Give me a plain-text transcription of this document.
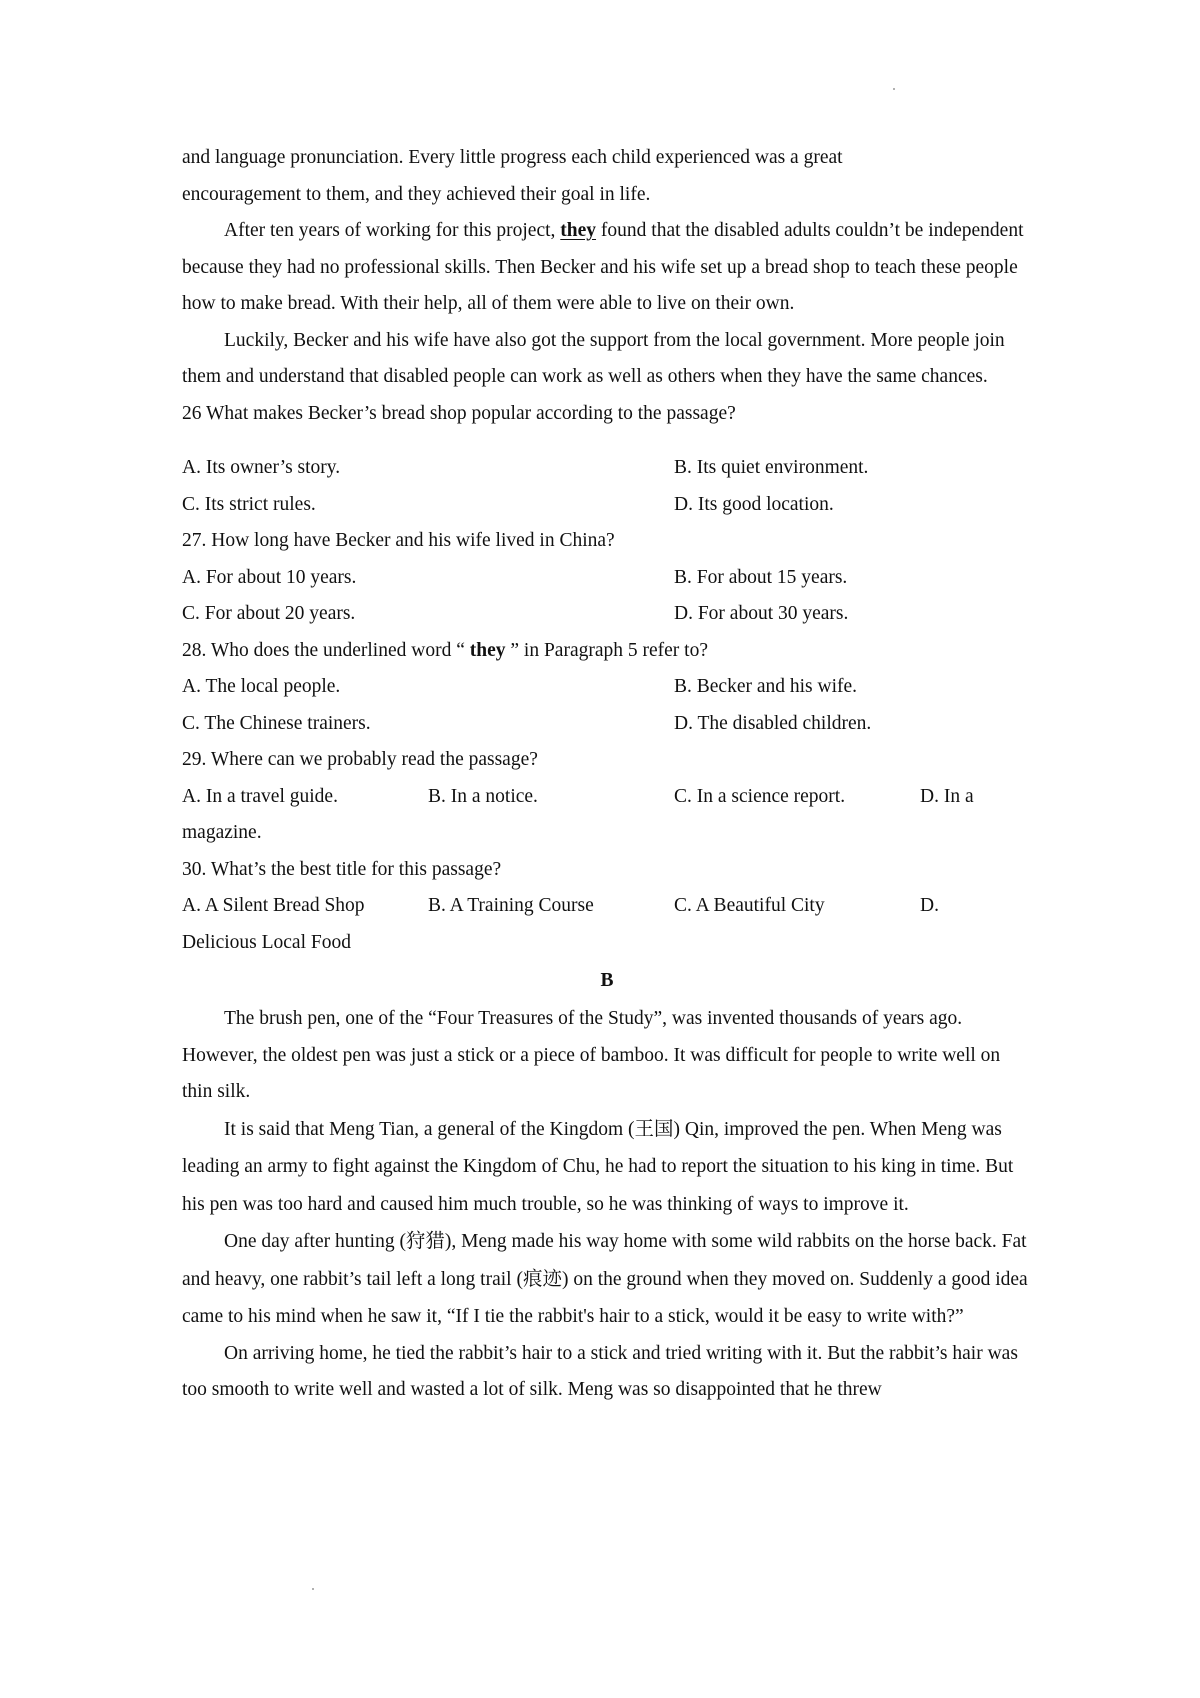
and language pronunciation. Every little progress each child experienced was a great
encouragement to them, and they achieved their goal in life.

After ten years of working for this project, they found that the disabled adults couldn’t be independent because they had no professional skills. Then Becker and his wife set up a bread shop to teach these people how to make bread. With their help, all of them were able to live on their own.

Luckily, Becker and his wife have also got the support from the local government. More people join them and understand that disabled people can work as well as others when they have the same chances.

26 What makes Becker’s bread shop popular according to the passage?
A. Its owner’s story.	B. Its quiet environment.
C. Its strict rules.	D. Its good location.
27. How long have Becker and his wife lived in China?
A. For about 10 years.	B. For about 15 years.
C. For about 20 years.	D. For about 30 years.
28. Who does the underlined word “ they ” in Paragraph 5 refer to?
A. The local people.	B. Becker and his wife.
C. The Chinese trainers.	D. The disabled children.
29. Where can we probably read the passage?
A. In a travel guide.	B. In a notice.	C. In a science report.	D. In a
magazine.
30. What’s the best title for this passage?
A. A Silent Bread Shop	B. A Training Course	C. A Beautiful City	D.
Delicious Local Food
B

The brush pen, one of the “Four Treasures of the Study”, was invented thousands of years ago. However, the oldest pen was just a stick or a piece of bamboo. It was difficult for people to write well on thin silk.

It is said that Meng Tian, a general of the Kingdom (王国) Qin, improved the pen. When Meng was leading an army to fight against the Kingdom of Chu, he had to report the situation to his king in time. But his pen was too hard and caused him much trouble, so he was thinking of ways to improve it.

One day after hunting (狩猎), Meng made his way home with some wild rabbits on the horse back. Fat and heavy, one rabbit’s tail left a long trail (痕迹) on the ground when they moved on. Suddenly a good idea came to his mind when he saw it, “If I tie the rabbit's hair to a stick, would it be easy to write with?”

On arriving home, he tied the rabbit’s hair to a stick and tried writing with it. But the rabbit’s hair was too smooth to write well and wasted a lot of silk. Meng was so disappointed that he threw
